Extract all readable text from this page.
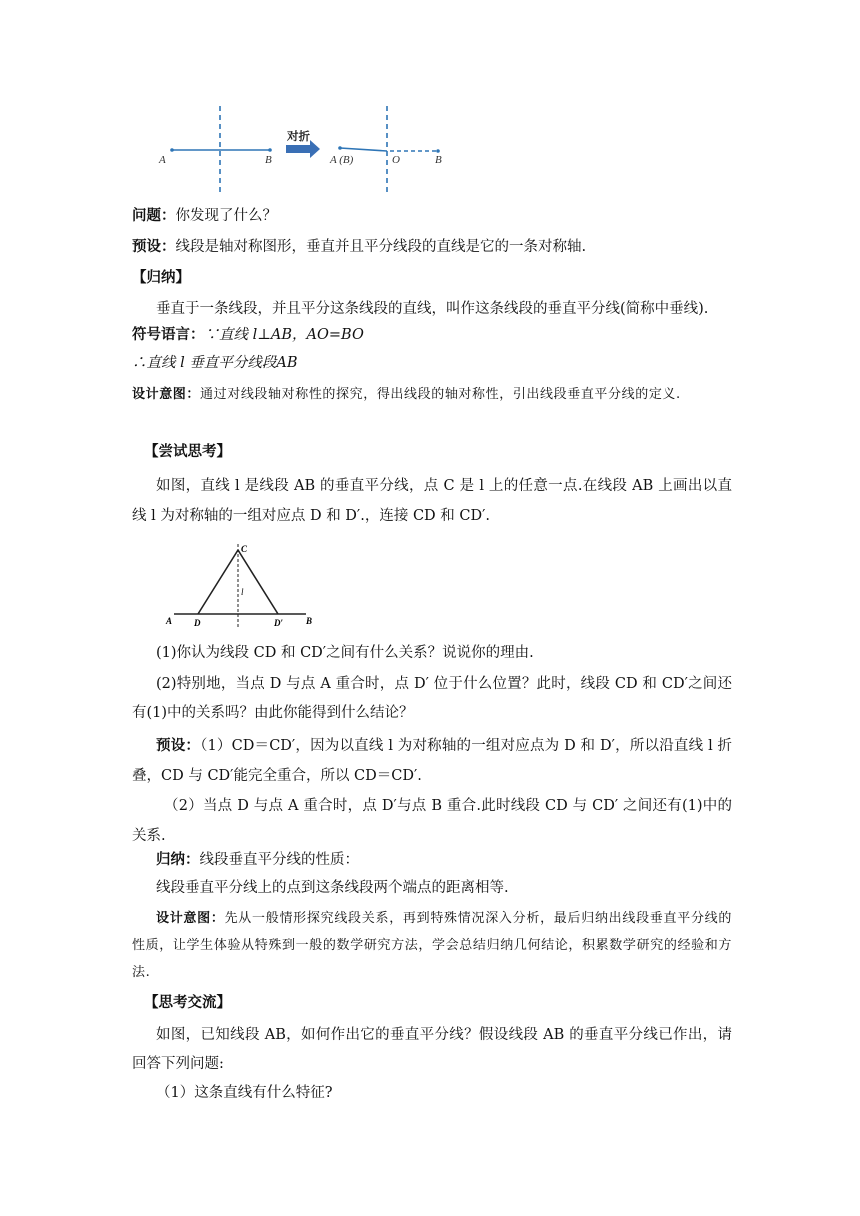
A	B
对折
A (B)	O	B
问题：你发现了什么？
预设：线段是轴对称图形，垂直并且平分线段的直线是它的一条对称轴.
【归纳】
垂直于一条线段，并且平分这条线段的直线，叫作这条线段的垂直平分线(简称中垂线).
符号语言：∵直线 l⊥AB，AO=BO
∴直线 l 垂直平分线段AB
设计意图：通过对线段轴对称性的探究，得出线段的轴对称性，引出线段垂直平分线的定义.
【尝试思考】
如图，直线 l 是线段 AB 的垂直平分线，点 C 是 l 上的任意一点.在线段 AB 上画出以直线 l 为对称轴的一组对应点 D 和 D′.，连接 CD 和 CD′.
C
l
A D	D′	B
(1)你认为线段 CD 和 CD′之间有什么关系？说说你的理由.
(2)特别地，当点 D 与点 A 重合时，点 D′ 位于什么位置？此时，线段 CD 和 CD′之间还有(1)中的关系吗？由此你能得到什么结论？
预设：（1）CD＝CD′，因为以直线 l 为对称轴的一组对应点为 D 和 D′，所以沿直线 l 折叠，CD 与 CD′能完全重合，所以 CD＝CD′.
（2）当点 D 与点 A 重合时，点 D′与点 B 重合.此时线段 CD 与 CD′ 之间还有(1)中的关系.
归纳：线段垂直平分线的性质：
线段垂直平分线上的点到这条线段两个端点的距离相等.
设计意图：先从一般情形探究线段关系，再到特殊情况深入分析，最后归纳出线段垂直平分线的性质，让学生体验从特殊到一般的数学研究方法，学会总结归纳几何结论，积累数学研究的经验和方法.
【思考交流】
如图，已知线段 AB，如何作出它的垂直平分线？假设线段 AB 的垂直平分线已作出，请回答下列问题:
（1）这条直线有什么特征?
